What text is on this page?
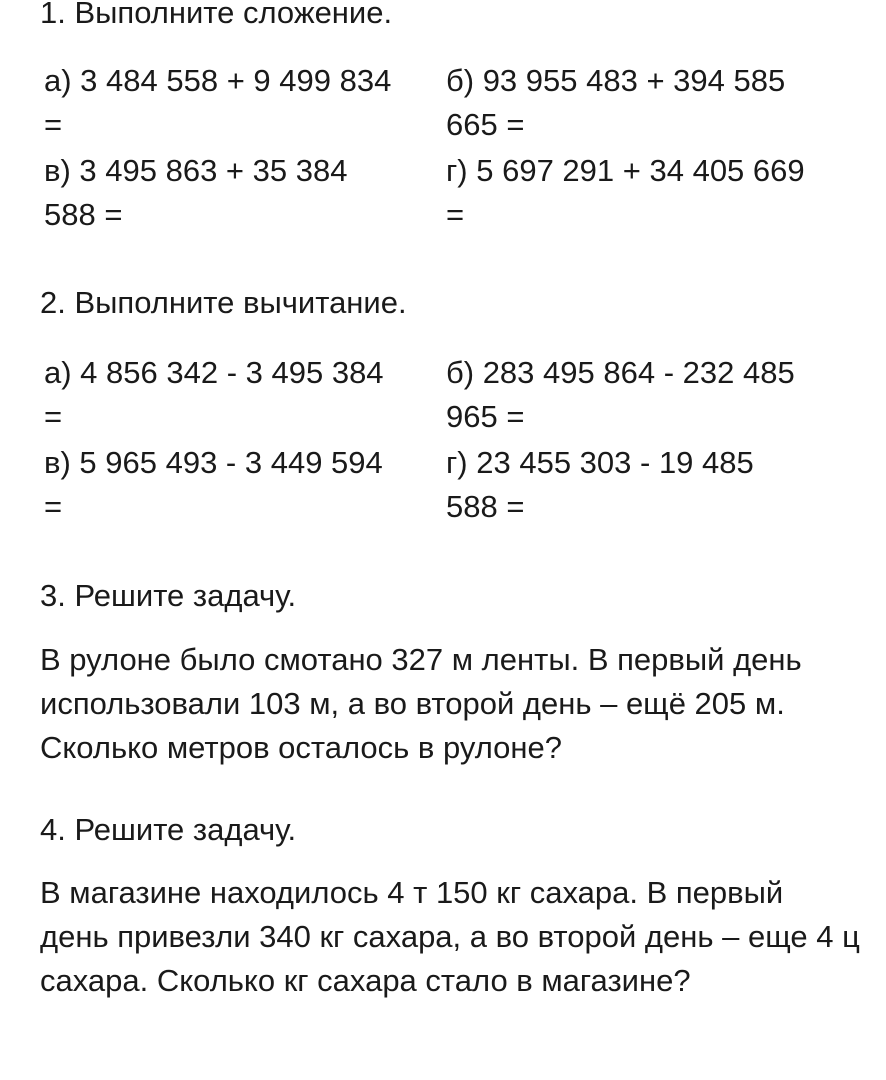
1. Выполните сложение.
а) 3 484 558 + 9 499 834
=
б) 93 955 483 + 394 585
665 =
в) 3 495 863 + 35 384
588 =
г) 5 697 291 + 34 405 669
=
2. Выполните вычитание.
а) 4 856 342 - 3 495 384
=
б) 283 495 864 - 232 485
965 =
в) 5 965 493 - 3 449 594
=
г) 23 455 303 - 19 485
588 =
3. Решите задачу.
В рулоне было смотано 327 м ленты. В первый день использовали 103 м, а во второй день – ещё 205 м. Сколько метров осталось в рулоне?
4. Решите задачу.
В магазине находилось 4 т 150 кг сахара. В первый день привезли 340 кг сахара, а во второй день – еще 4 ц сахара. Сколько кг сахара стало в магазине?
